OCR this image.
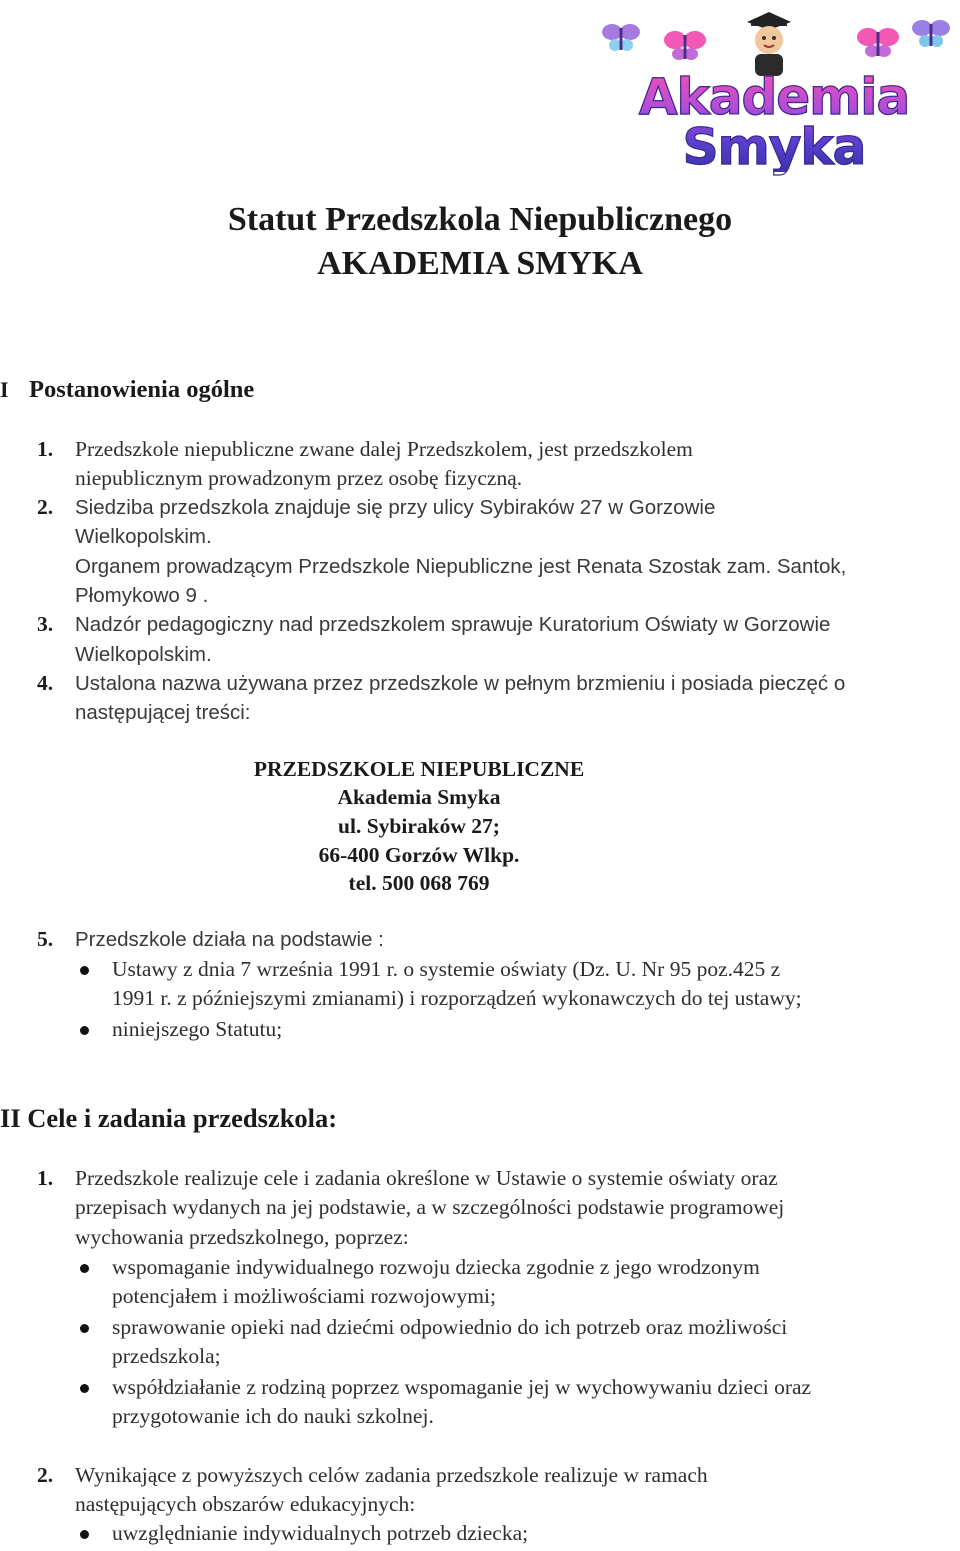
Akademia Smyka
Statut Przedszkola Niepublicznego
AKADEMIA SMYKA
I Postanowienia ogólne
1. Przedszkole niepubliczne zwane dalej Przedszkolem, jest przedszkolem
niepublicznym prowadzonym przez osobę fizyczną.
2. Siedziba przedszkola znajduje się przy ulicy Sybiraków 27 w Gorzowie
Wielkopolskim.
Organem prowadzącym Przedszkole Niepubliczne jest Renata Szostak zam. Santok,
Płomykowo 9 .
3. Nadzór pedagogiczny nad przedszkolem sprawuje Kuratorium Oświaty w Gorzowie
Wielkopolskim.
4. Ustalona nazwa używana przez przedszkole w pełnym brzmieniu i posiada pieczęć o
następującej treści:
PRZEDSZKOLE NIEPUBLICZNE
Akademia Smyka
ul. Sybiraków 27;
66-400 Gorzów Wlkp.
tel. 500 068 769
5. Przedszkole działa na podstawie :
Ustawy z dnia 7 września 1991 r. o systemie oświaty (Dz. U. Nr 95 poz.425 z
1991 r. z późniejszymi zmianami) i rozporządzeń wykonawczych do tej ustawy;
niniejszego Statutu;
II Cele i zadania przedszkola:
1. Przedszkole realizuje cele i zadania określone w Ustawie o systemie oświaty oraz
przepisach wydanych na jej podstawie, a w szczególności podstawie programowej
wychowania przedszkolnego, poprzez:
wspomaganie indywidualnego rozwoju dziecka zgodnie z jego wrodzonym
potencjałem i możliwościami rozwojowymi;
sprawowanie opieki nad dziećmi odpowiednio do ich potrzeb oraz możliwości
przedszkola;
współdziałanie z rodziną poprzez wspomaganie jej w wychowywaniu dzieci oraz
przygotowanie ich do nauki szkolnej.
2. Wynikające z powyższych celów zadania przedszkole realizuje w ramach
następujących obszarów edukacyjnych:
uwzględnianie indywidualnych potrzeb dziecka;
